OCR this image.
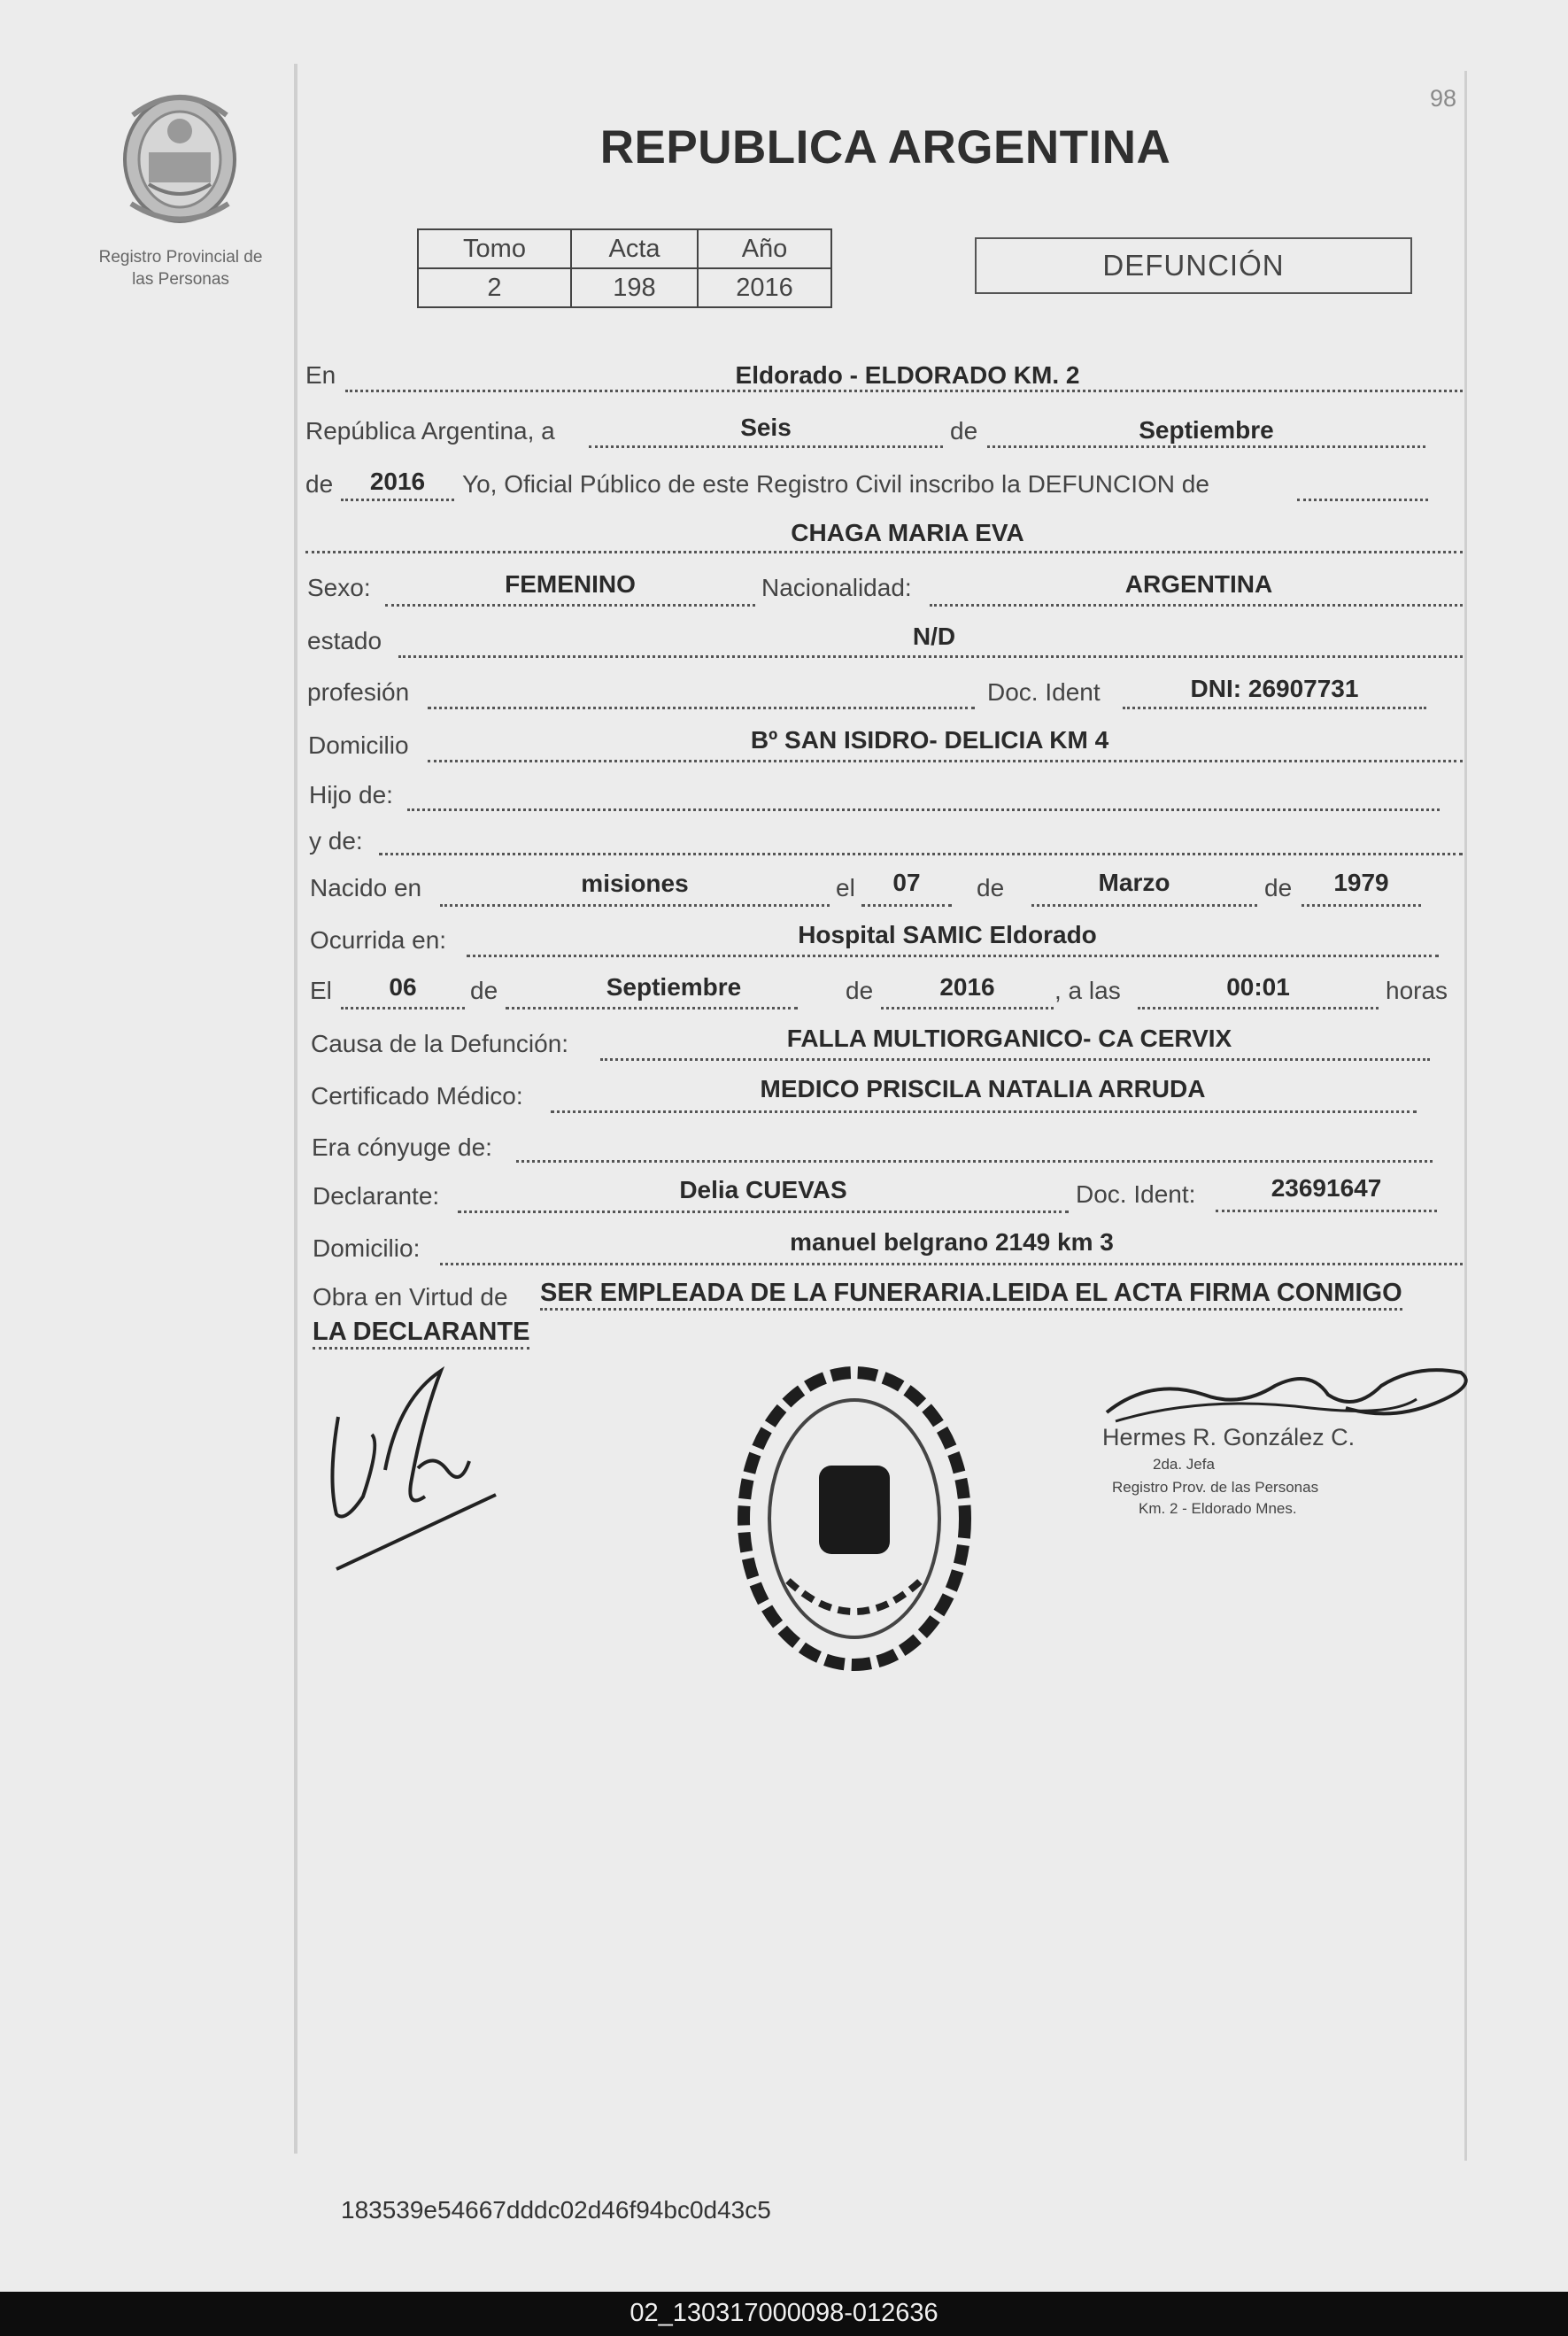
98
Registro Provincial de
las Personas
REPUBLICA ARGENTINA
Tomo	Acta	Año
2	198	2016
DEFUNCIÓN
En	Eldorado - ELDORADO KM. 2
República Argentina, a	Seis	de	Septiembre
de	2016	Yo, Oficial Público de este Registro Civil inscribo la DEFUNCION de
CHAGA MARIA EVA
Sexo:	FEMENINO	Nacionalidad:	ARGENTINA
estado	N/D
profesión	Doc. Ident	DNI: 26907731
Domicilio	Bº SAN ISIDRO- DELICIA KM 4
Hijo de:
y de:
Nacido en	misiones	el	07	de	Marzo	de	1979
Ocurrida en:	Hospital SAMIC Eldorado
El	06	de	Septiembre	de	2016	, a las	00:01	horas
Causa de la Defunción:	FALLA MULTIORGANICO- CA CERVIX
Certificado Médico:	MEDICO PRISCILA NATALIA ARRUDA
Era cónyuge de:
Declarante:	Delia CUEVAS	Doc. Ident:	23691647
Domicilio:	manuel belgrano 2149 km 3
Obra en Virtud de SER EMPLEADA DE LA FUNERARIA.LEIDA EL ACTA FIRMA CONMIGO
LA DECLARANTE
Hermes R. González C.
2da. Jefa
Registro Prov. de las Personas
Km. 2 - Eldorado Mnes.
183539e54667dddc02d46f94bc0d43c5
02_130317000098-012636
